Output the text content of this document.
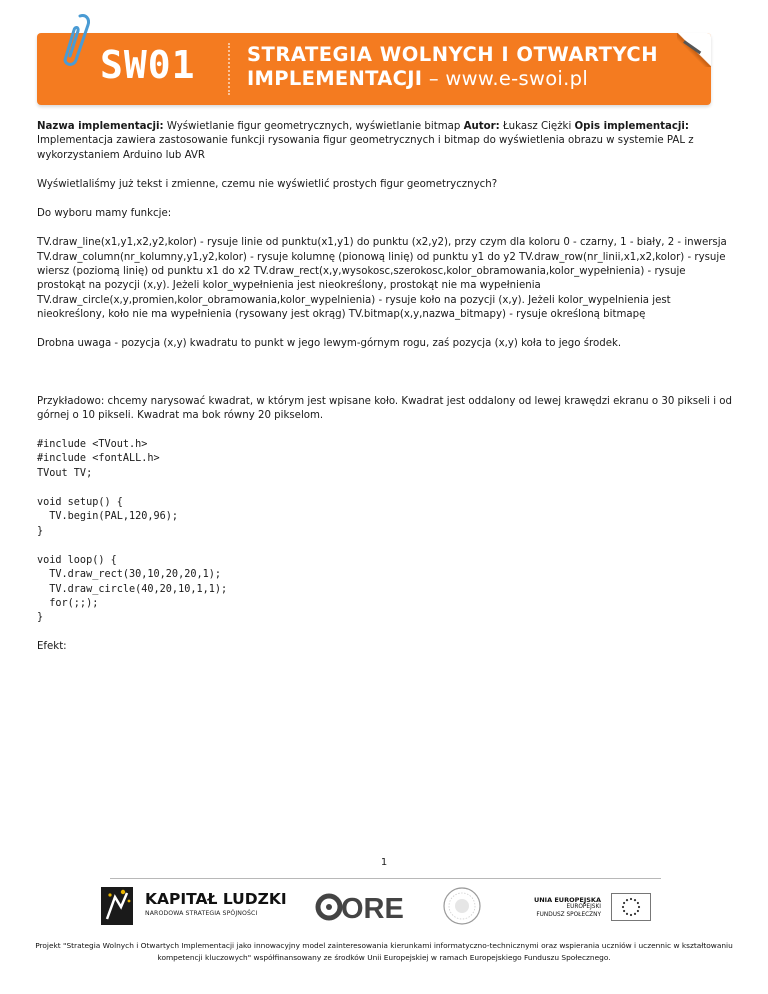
SW01	STRATEGIA WOLNYCH I OTWARTYCH
IMPLEMENTACJI – www.e-swoi.pl

Nazwa implementacji: Wyświetlanie figur geometrycznych, wyświetlanie bitmap Autor: Łukasz Ciężki Opis implementacji: Implementacja zawiera zastosowanie funkcji rysowania figur geometrycznych i bitmap do wyświetlenia obrazu w systemie PAL z wykorzystaniem Arduino lub AVR

Wyświetlaliśmy już tekst i zmienne, czemu nie wyświetlić prostych figur geometrycznych?

Do wyboru mamy funkcje:

TV.draw_line(x1,y1,x2,y2,kolor) - rysuje linie od punktu(x1,y1) do punktu (x2,y2), przy czym dla koloru 0 - czarny, 1 - biały, 2 - inwersja TV.draw_column(nr_kolumny,y1,y2,kolor) - rysuje kolumnę (pionową linię) od punktu y1 do y2 TV.draw_row(nr_linii,x1,x2,kolor) - rysuje wiersz (poziomą linię) od punktu x1 do x2 TV.draw_rect(x,y,wysokosc,szerokosc,kolor_obramowania,kolor_wypełnienia) - rysuje prostokąt na pozycji (x,y). Jeżeli kolor_wypełnienia jest nieokreślony, prostokąt nie ma wypełnienia TV.draw_circle(x,y,promien,kolor_obramowania,kolor_wypelnienia) - rysuje koło na pozycji (x,y). Jeżeli kolor_wypelnienia jest nieokreślony, koło nie ma wypełnienia (rysowany jest okrąg) TV.bitmap(x,y,nazwa_bitmapy) - rysuje określoną bitmapę

Drobna uwaga - pozycja (x,y) kwadratu to punkt w jego lewym-górnym rogu, zaś pozycja (x,y) koła to jego środek.

Przykładowo: chcemy narysować kwadrat, w którym jest wpisane koło. Kwadrat jest oddalony od lewej krawędzi ekranu o 30 pikseli i od górnej o 10 pikseli. Kwadrat ma bok równy 20 pikselom.

#include <TVout.h>
#include <fontALL.h>
TVout TV;
void setup() {
TV.begin(PAL,120,96);
}
void loop() {
TV.draw_rect(30,10,20,20,1);
TV.draw_circle(40,20,10,1,1);
for(;;);
}

Efekt:

1
KAPITAŁ LUDZKI
NARODOWA STRATEGIA SPÓJNOŚCI	ORE	UNIA EUROPEJSKA
EUROPEJSKI
FUNDUSZ SPOŁECZNY
Projekt "Strategia Wolnych i Otwartych Implementacji jako innowacyjny model zainteresowania kierunkami informatyczno-technicznymi oraz wspierania uczniów i uczennic w kształtowaniu kompetencji kluczowych" współfinansowany ze środków Unii Europejskiej w ramach Europejskiego Funduszu Społecznego.
